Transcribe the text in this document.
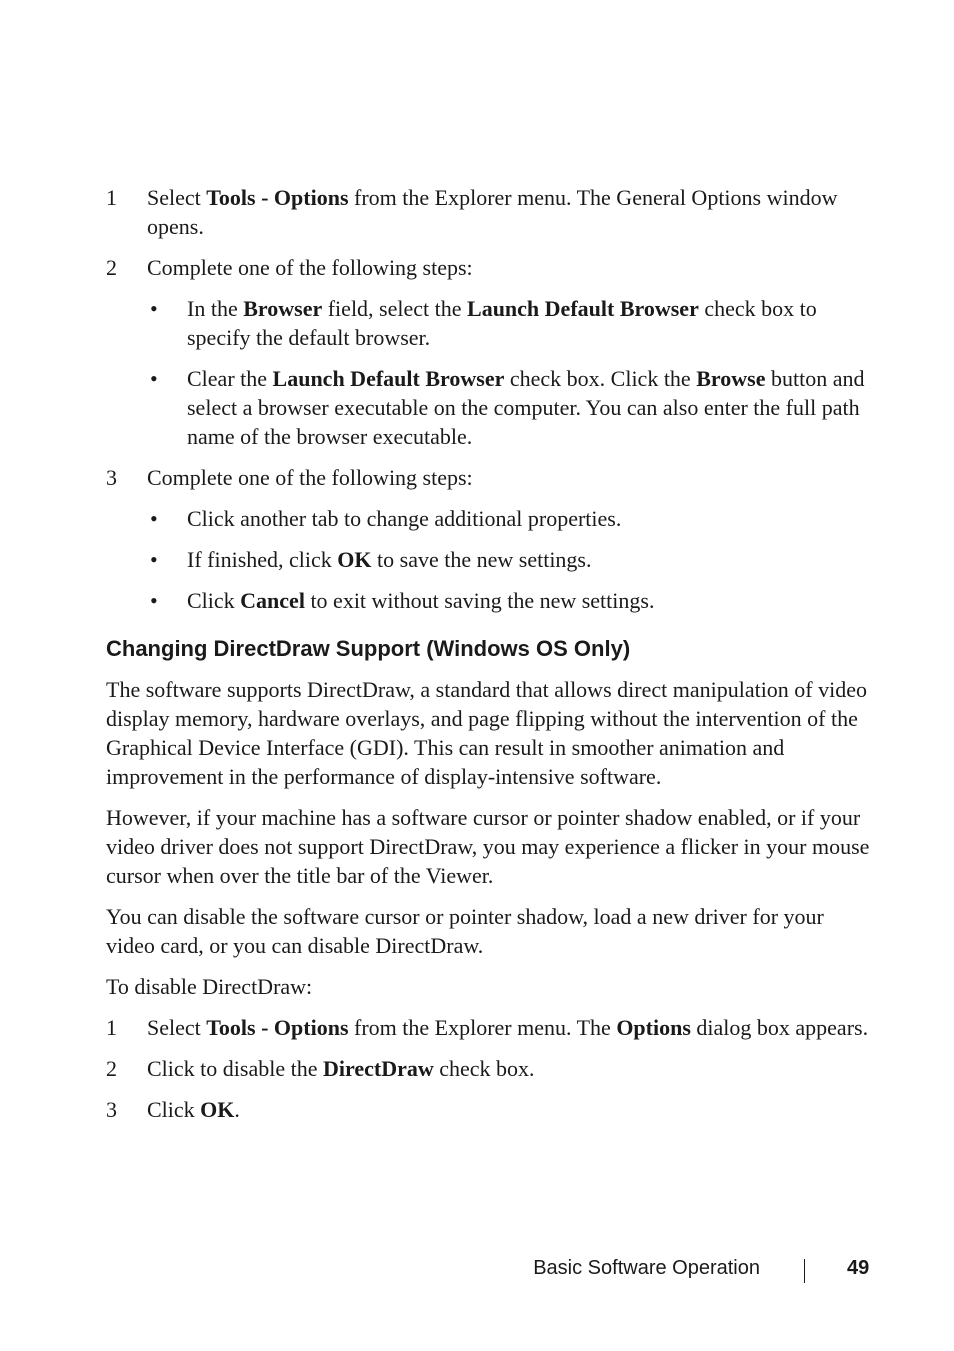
1 Select Tools - Options from the Explorer menu. The General Options window opens.
2 Complete one of the following steps:
• In the Browser field, select the Launch Default Browser check box to specify the default browser.
• Clear the Launch Default Browser check box. Click the Browse button and select a browser executable on the computer. You can also enter the full path name of the browser executable.
3 Complete one of the following steps:
• Click another tab to change additional properties.
• If finished, click OK to save the new settings.
• Click Cancel to exit without saving the new settings.
Changing DirectDraw Support (Windows OS Only)

The software supports DirectDraw, a standard that allows direct manipulation of video display memory, hardware overlays, and page flipping without the intervention of the Graphical Device Interface (GDI). This can result in smoother animation and improvement in the performance of display-intensive software.

However, if your machine has a software cursor or pointer shadow enabled, or if your video driver does not support DirectDraw, you may experience a flicker in your mouse cursor when over the title bar of the Viewer.

You can disable the software cursor or pointer shadow, load a new driver for your video card, or you can disable DirectDraw.

To disable DirectDraw:

1 Select Tools - Options from the Explorer menu. The Options dialog box appears.
2 Click to disable the DirectDraw check box.
3 Click OK.
Basic Software Operation	49
